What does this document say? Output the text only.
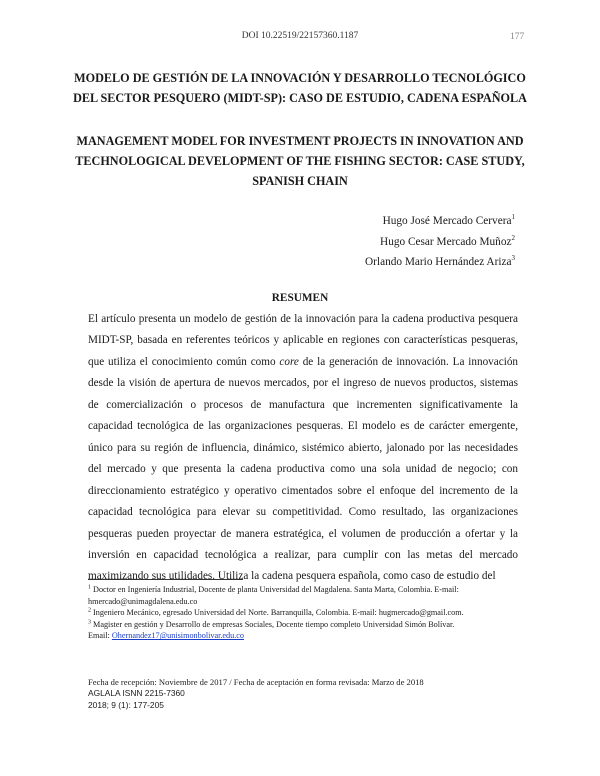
DOI 10.22519/22157360.1187	177
MODELO DE GESTIÓN DE LA INNOVACIÓN Y DESARROLLO TECNOLÓGICO
DEL SECTOR PESQUERO (MIDT-SP): CASO DE ESTUDIO, CADENA ESPAÑOLA
MANAGEMENT MODEL FOR INVESTMENT PROJECTS IN INNOVATION AND
TECHNOLOGICAL DEVELOPMENT OF THE FISHING SECTOR: CASE STUDY,
SPANISH CHAIN
Hugo José Mercado Cervera$^1$
Hugo Cesar Mercado Muñoz$^2$
Orlando Mario Hernández Ariza$^3$
RESUMEN

El artículo presenta un modelo de gestión de la innovación para la cadena productiva pesquera MIDT-SP, basada en referentes teóricos y aplicable en regiones con características pesqueras, que utiliza el conocimiento común como core de la generación de innovación. La innovación desde la visión de apertura de nuevos mercados, por el ingreso de nuevos productos, sistemas de comercialización o procesos de manufactura que incrementen significativamente la capacidad tecnológica de las organizaciones pesqueras. El modelo es de carácter emergente, único para su región de influencia, dinámico, sistémico abierto, jalonado por las necesidades del mercado y que presenta la cadena productiva como una sola unidad de negocio; con direccionamiento estratégico y operativo cimentados sobre el enfoque del incremento de la capacidad tecnológica para elevar su competitividad. Como resultado, las organizaciones pesqueras pueden proyectar de manera estratégica, el volumen de producción a ofertar y la inversión en capacidad tecnológica a realizar, para cumplir con las metas del mercado maximizando sus utilidades. Utiliza la cadena pesquera española, como caso de estudio del

$^1$ Doctor en Ingeniería Industrial, Docente de planta Universidad del Magdalena. Santa Marta, Colombia. E-mail: hmercado@unimagdalena.edu.co
$^2$ Ingeniero Mecánico, egresado Universidad del Norte. Barranquilla, Colombia. E-mail: hugmercado@gmail.com.
$^3$ Magister en gestión y Desarrollo de empresas Sociales, Docente tiempo completo Universidad Simón Bolívar.
Email: Ohernandez17@unisimonbolivar.edu.co
Fecha de recepción: Noviembre de 2017 / Fecha de aceptación en forma revisada: Marzo de 2018
AGLALA ISNN 2215-7360
2018; 9 (1): 177-205
